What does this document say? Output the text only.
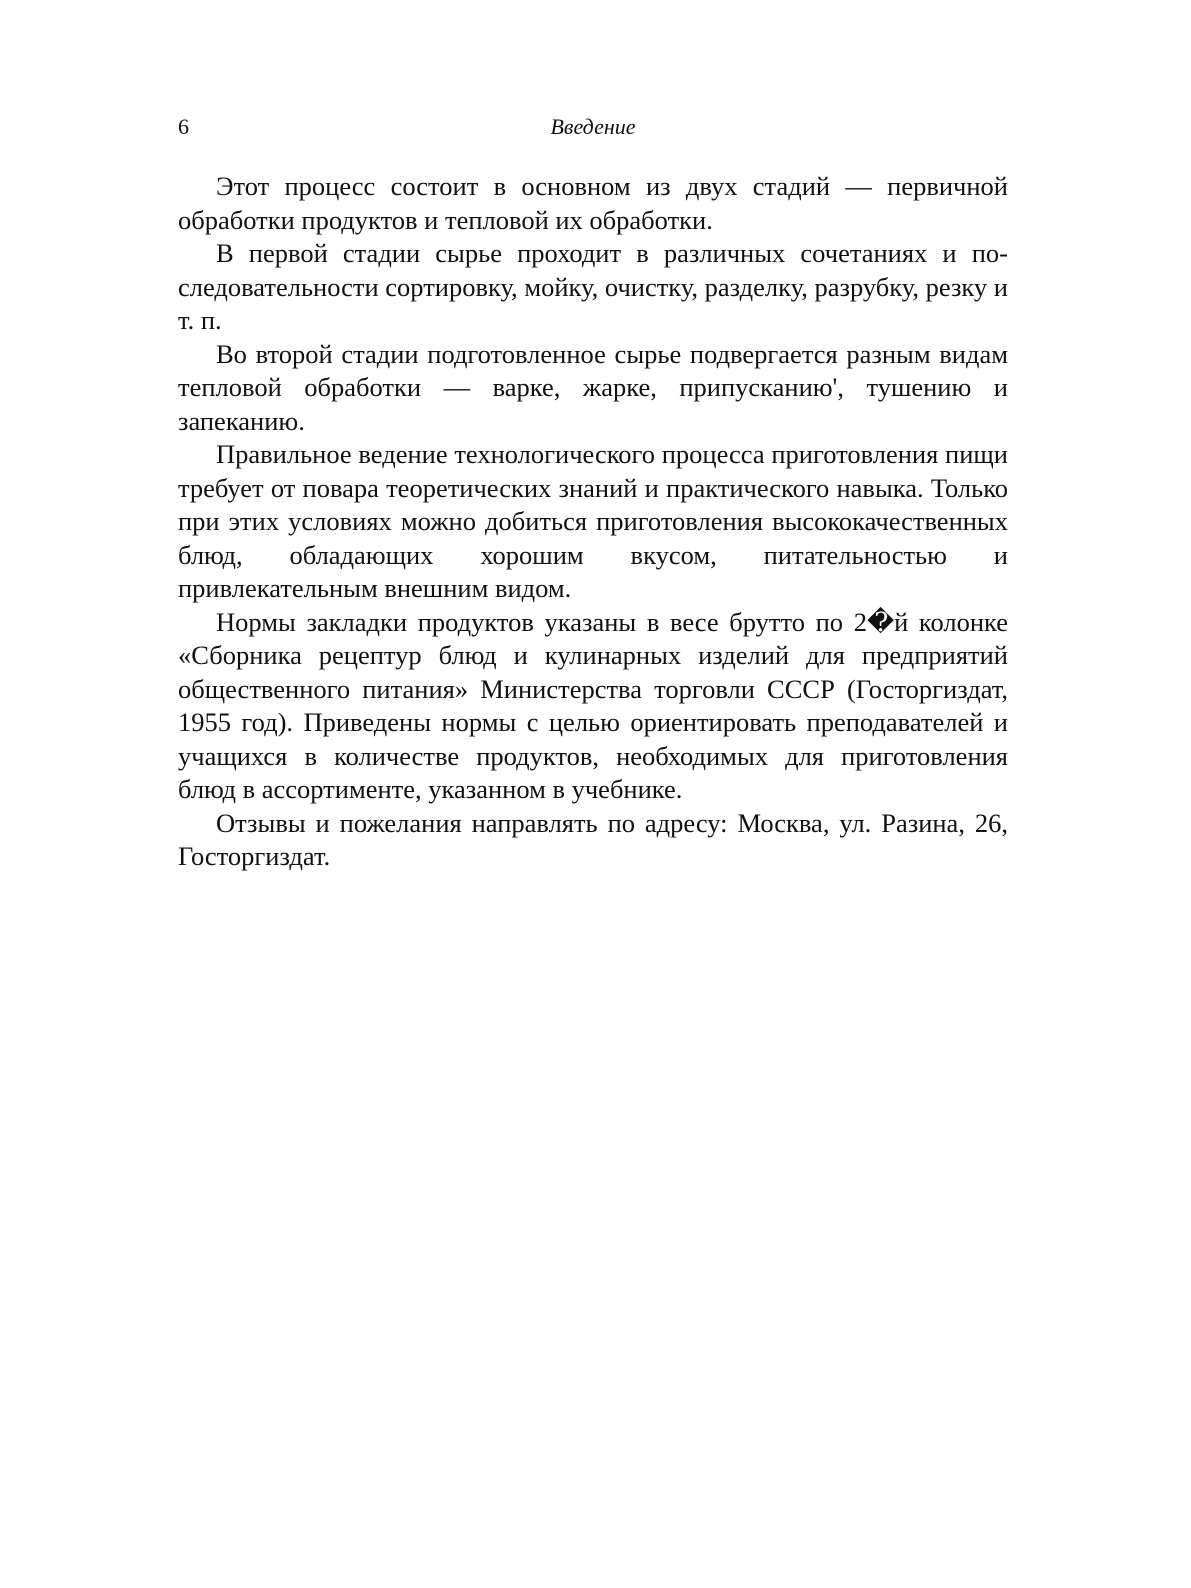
6	Введение

Этот процесс состоит в основном из двух стадий — первичной обработки продуктов и тепловой их обработки.

В первой стадии сырье проходит в различных сочетаниях и последовательности сортировку, мойку, очистку, разделку, разрубку, резку и т. п.

Во второй стадии подготовленное сырье подвергается разным видам тепловой обработки — варке, жарке, припусканию', тушению и запеканию.

Правильное ведение технологического процесса приготовления пищи требует от повара теоретических знаний и практического навыка. Только при этих условиях можно добиться приготовления высококачественных блюд, обладающих хорошим вкусом, питательностью и привлекательным внешним видом.

Нормы закладки продуктов указаны в весе брутто по 2�й колонке «Сборника рецептур блюд и кулинарных изделий для предприятий общественного питания» Министерства торговли СССР (Госторгиздат, 1955 год). Приведены нормы с целью ориентировать преподавателей и учащихся в количестве продуктов, необходимых для приготовления блюд в ассортименте, указанном в учебнике.

Отзывы и пожелания направлять по адресу: Москва, ул. Разина, 26, Госторгиздат.
